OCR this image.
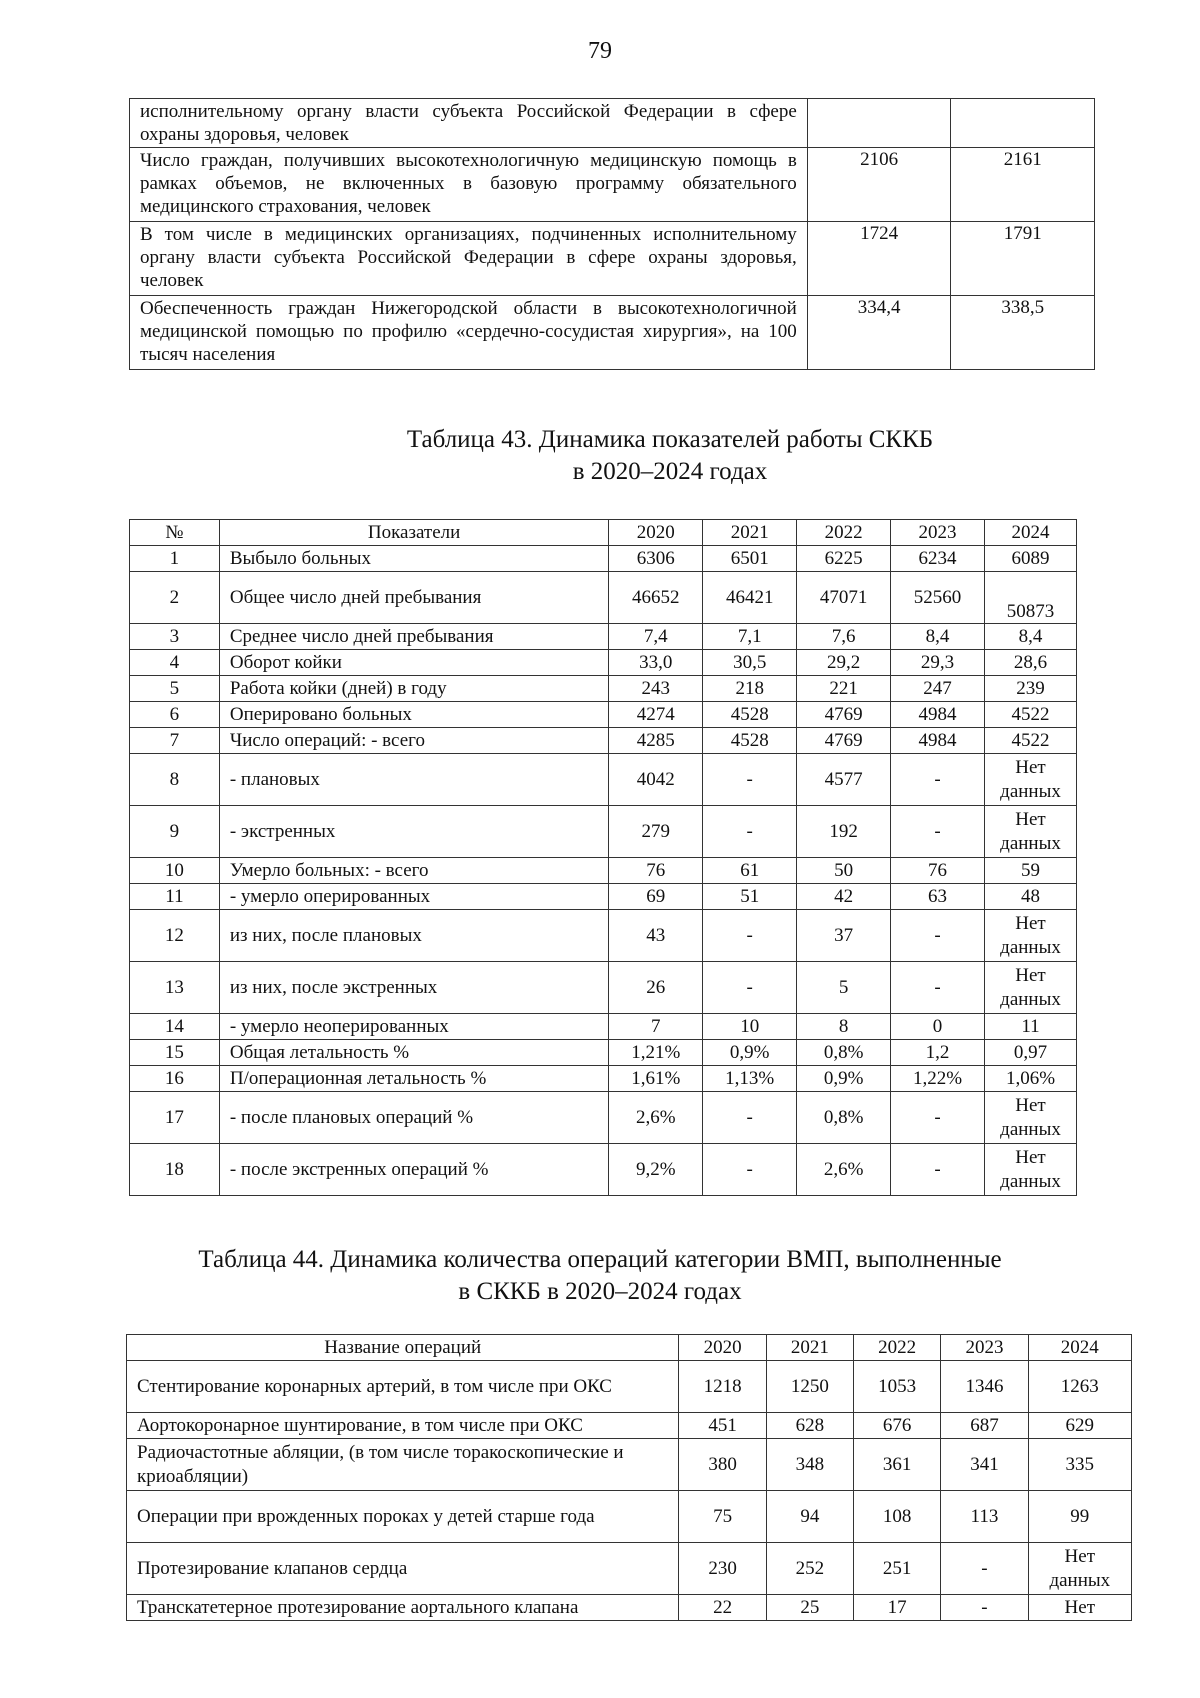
79
исполнительному органу власти субъекта Российской Федерации в сфере охраны здоровья, человек		
Число граждан, получивших высокотехнологичную медицинскую помощь в рамках объемов, не включенных в базовую программу обязательного медицинского страхования, человек	2106	2161
В том числе в медицинских организациях, подчиненных исполнительному органу власти субъекта Российской Федерации в сфере охраны здоровья, человек	1724	1791
Обеспеченность граждан Нижегородской области в высокотехнологичной медицинской помощью по профилю «сердечно-сосудистая хирургия», на 100 тысяч населения	334,4	338,5
Таблица 43. Динамика показателей работы СККБ
в 2020–2024 годах
№	Показатели	2020	2021	2022	2023	2024
1	Выбыло больных	6306	6501	6225	6234	6089
2	Общее число дней пребывания	46652	46421	47071	52560	50873
3	Среднее число дней пребывания	7,4	7,1	7,6	8,4	8,4
4	Оборот койки	33,0	30,5	29,2	29,3	28,6
5	Работа койки (дней) в году	243	218	221	247	239
6	Оперировано больных	4274	4528	4769	4984	4522
7	Число операций: - всего	4285	4528	4769	4984	4522
8	- плановых	4042	-	4577	-	Нет данных
9	- экстренных	279	-	192	-	Нет данных
10	Умерло больных: - всего	76	61	50	76	59
11	- умерло оперированных	69	51	42	63	48
12	из них, после плановых	43	-	37	-	Нет данных
13	из них, после экстренных	26	-	5	-	Нет данных
14	- умерло неоперированных	7	10	8	0	11
15	Общая летальность %	1,21%	0,9%	0,8%	1,2	0,97
16	П/операционная летальность %	1,61%	1,13%	0,9%	1,22%	1,06%
17	- после плановых операций %	2,6%	-	0,8%	-	Нет данных
18	- после экстренных операций %	9,2%	-	2,6%	-	Нет данных
Таблица 44. Динамика количества операций категории ВМП, выполненные
в СККБ в 2020–2024 годах
Название операций	2020	2021	2022	2023	2024
Стентирование коронарных артерий, в том числе при ОКС	1218	1250	1053	1346	1263
Аортокоронарное шунтирование, в том числе при ОКС	451	628	676	687	629
Радиочастотные абляции, (в том числе торакоскопические и криоабляции)	380	348	361	341	335
Операции при врожденных пороках у детей старше года	75	94	108	113	99
Протезирование клапанов сердца	230	252	251	-	Нет данных
Транскатетерное протезирование аортального клапана	22	25	17	-	Нет
